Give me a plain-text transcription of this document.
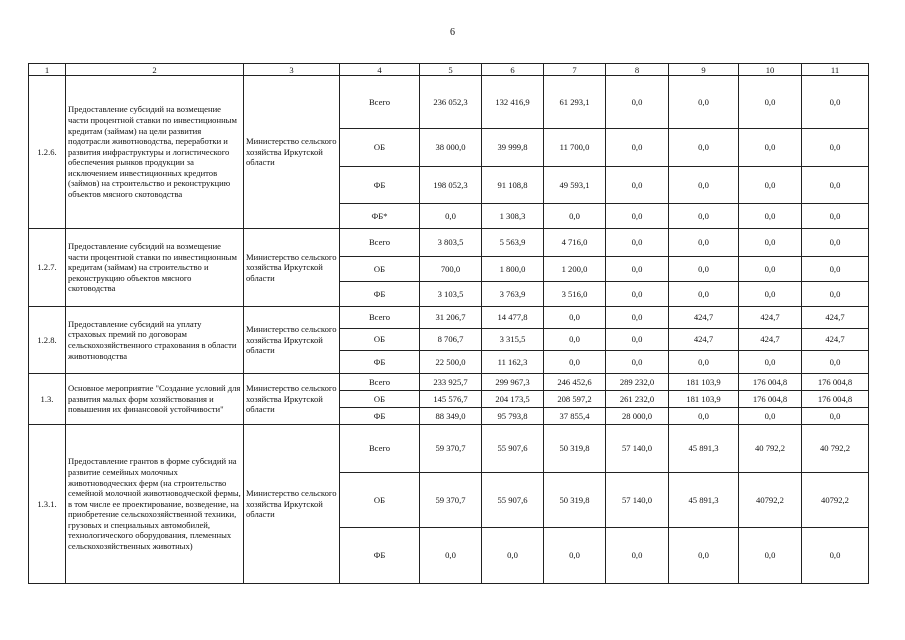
6
1	2	3	4	5	6	7	8	9	10	11
1.2.6.	Предоставление субсидий на возмещение части процентной ставки по инвестиционным кредитам (займам) на цели развития подотрасли животноводства, переработки и развития инфраструктуры и логистического обеспечения рынков продукции за исключением инвестиционных кредитов (займов) на строительство и реконструкцию объектов мясного скотоводства	Министерство сельского хозяйства Иркутской области	Всего	236 052,3	132 416,9	61 293,1	0,0	0,0	0,0	0,0
			ОБ	38 000,0	39 999,8	11 700,0	0,0	0,0	0,0	0,0
			ФБ	198 052,3	91 108,8	49 593,1	0,0	0,0	0,0	0,0
			ФБ*	0,0	1 308,3	0,0	0,0	0,0	0,0	0,0
1.2.7.	Предоставление субсидий на возмещение части процентной ставки по инвестиционным кредитам (займам) на строительство и реконструкцию объектов мясного скотоводства	Министерство сельского хозяйства Иркутской области	Всего	3 803,5	5 563,9	4 716,0	0,0	0,0	0,0	0,0
			ОБ	700,0	1 800,0	1 200,0	0,0	0,0	0,0	0,0
			ФБ	3 103,5	3 763,9	3 516,0	0,0	0,0	0,0	0,0
1.2.8.	Предоставление субсидий на уплату страховых премий по договорам сельскохозяйственного страхования в области животноводства	Министерство сельского хозяйства Иркутской области	Всего	31 206,7	14 477,8	0,0	0,0	424,7	424,7	424,7
			ОБ	8 706,7	3 315,5	0,0	0,0	424,7	424,7	424,7
			ФБ	22 500,0	11 162,3	0,0	0,0	0,0	0,0	0,0
1.3.	Основное мероприятие "Создание условий для развития малых форм хозяйствования и повышения их финансовой устойчивости"	Министерство сельского хозяйства Иркутской области	Всего	233 925,7	299 967,3	246 452,6	289 232,0	181 103,9	176 004,8	176 004,8
			ОБ	145 576,7	204 173,5	208 597,2	261 232,0	181 103,9	176 004,8	176 004,8
			ФБ	88 349,0	95 793,8	37 855,4	28 000,0	0,0	0,0	0,0
1.3.1.	Предоставление грантов в форме субсидий на развитие семейных молочных животноводческих ферм (на строительство семейной молочной животноводческой фермы, в том числе ее проектирование, возведение, на приобретение сельскохозяйственной техники, грузовых и специальных автомобилей, технологического оборудования, племенных сельскохозяйственных животных)	Министерство сельского хозяйства Иркутской области	Всего	59 370,7	55 907,6	50 319,8	57 140,0	45 891,3	40 792,2	40 792,2
			ОБ	59 370,7	55 907,6	50 319,8	57 140,0	45 891,3	40792,2	40792,2
			ФБ	0,0	0,0	0,0	0,0	0,0	0,0	0,0
